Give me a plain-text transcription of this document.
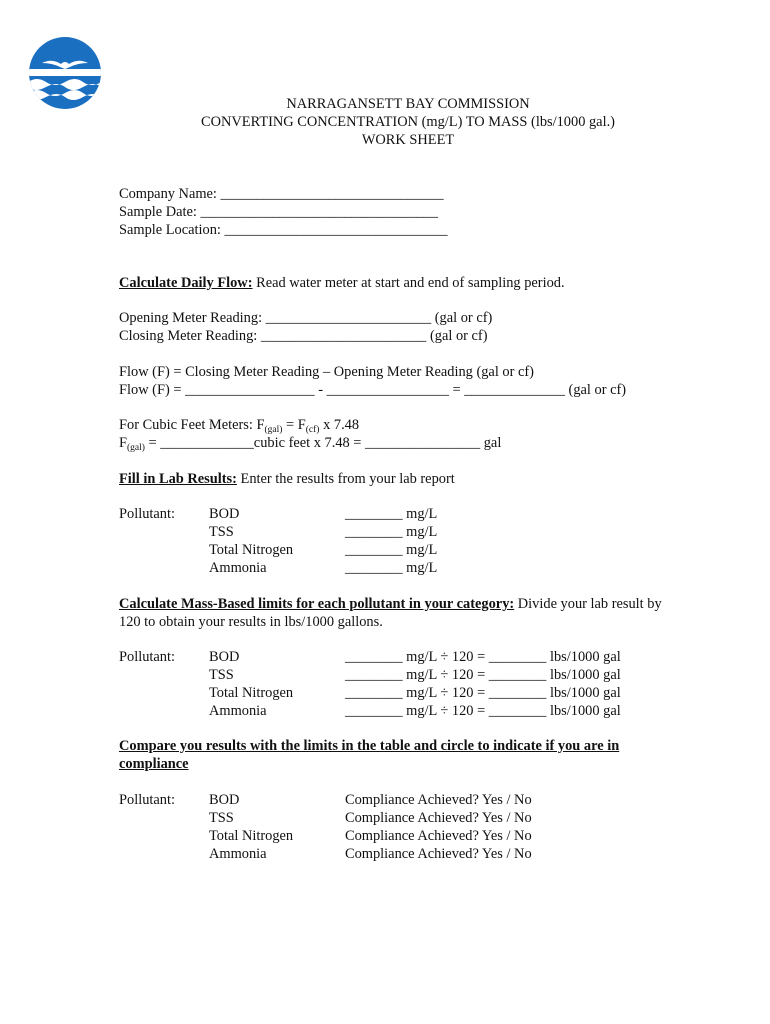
NARRAGANSETT BAY COMMISSION
CONVERTING CONCENTRATION (mg/L) TO MASS (lbs/1000 gal.)
WORK SHEET
Company Name: _______________________________
Sample Date: _________________________________
Sample Location: _______________________________
Calculate Daily Flow: Read water meter at start and end of sampling period.
Opening Meter Reading: _______________________ (gal or cf)
Closing Meter Reading: _______________________ (gal or cf)
Flow (F) = Closing Meter Reading – Opening Meter Reading (gal or cf)
Flow (F) = __________________ - _________________ = ______________ (gal or cf)
For Cubic Feet Meters: $F_{(gal)} = F_{(cf)}$ x 7.48
$F_{(gal)}$ = _____________cubic feet x 7.48 = ________________ gal
Fill in Lab Results: Enter the results from your lab report
Pollutant: BOD
TSS
Total Nitrogen
Ammonia
________ mg/L
________ mg/L
________ mg/L
________ mg/L
Calculate Mass-Based limits for each pollutant in your category: Divide your lab result by
120 to obtain your results in lbs/1000 gallons.
Pollutant: BOD
TSS
Total Nitrogen
Ammonia
________ mg/L ÷ 120 = ________ lbs/1000 gal
________ mg/L ÷ 120 = ________ lbs/1000 gal
________ mg/L ÷ 120 = ________ lbs/1000 gal
________ mg/L ÷ 120 = ________ lbs/1000 gal
Compare you results with the limits in the table and circle to indicate if you are in
compliance
Pollutant: BOD
TSS
Total Nitrogen
Ammonia
Compliance Achieved? Yes / No
Compliance Achieved? Yes / No
Compliance Achieved? Yes / No
Compliance Achieved? Yes / No
